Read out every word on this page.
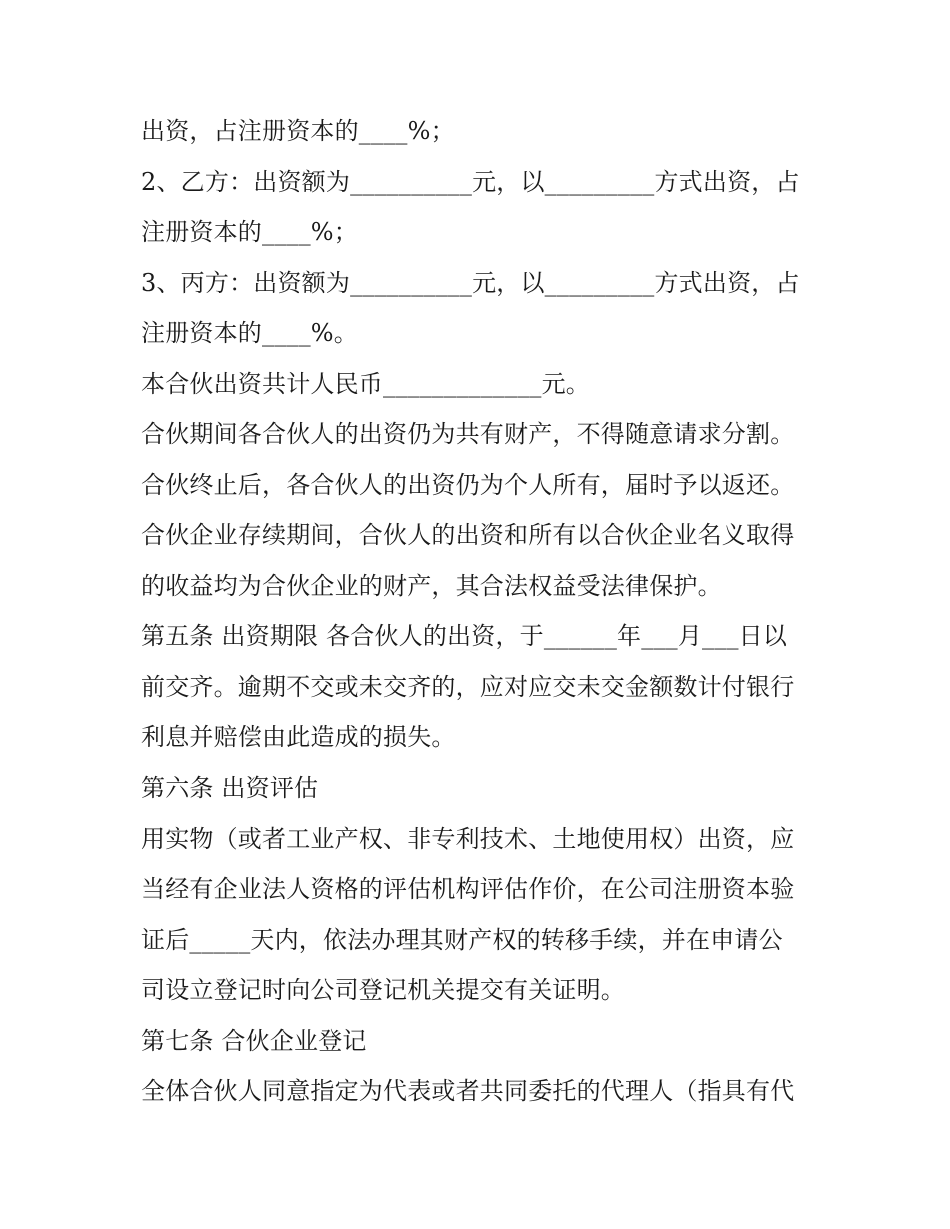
出资，占注册资本的____%；
2、乙方：出资额为__________元，以_________方式出资，占
注册资本的____%；
3、丙方：出资额为__________元，以_________方式出资，占
注册资本的____%。
本合伙出资共计人民币_____________元。
合伙期间各合伙人的出资仍为共有财产，不得随意请求分割。
合伙终止后，各合伙人的出资仍为个人所有，届时予以返还。
合伙企业存续期间，合伙人的出资和所有以合伙企业名义取得
的收益均为合伙企业的财产，其合法权益受法律保护。
第五条 出资期限 各合伙人的出资，于______年___月___日以
前交齐。逾期不交或未交齐的，应对应交未交金额数计付银行
利息并赔偿由此造成的损失。
第六条 出资评估
用实物（或者工业产权、非专利技术、土地使用权）出资，应
当经有企业法人资格的评估机构评估作价，在公司注册资本验
证后_____天内，依法办理其财产权的转移手续，并在申请公
司设立登记时向公司登记机关提交有关证明。
第七条 合伙企业登记
全体合伙人同意指定为代表或者共同委托的代理人（指具有代
